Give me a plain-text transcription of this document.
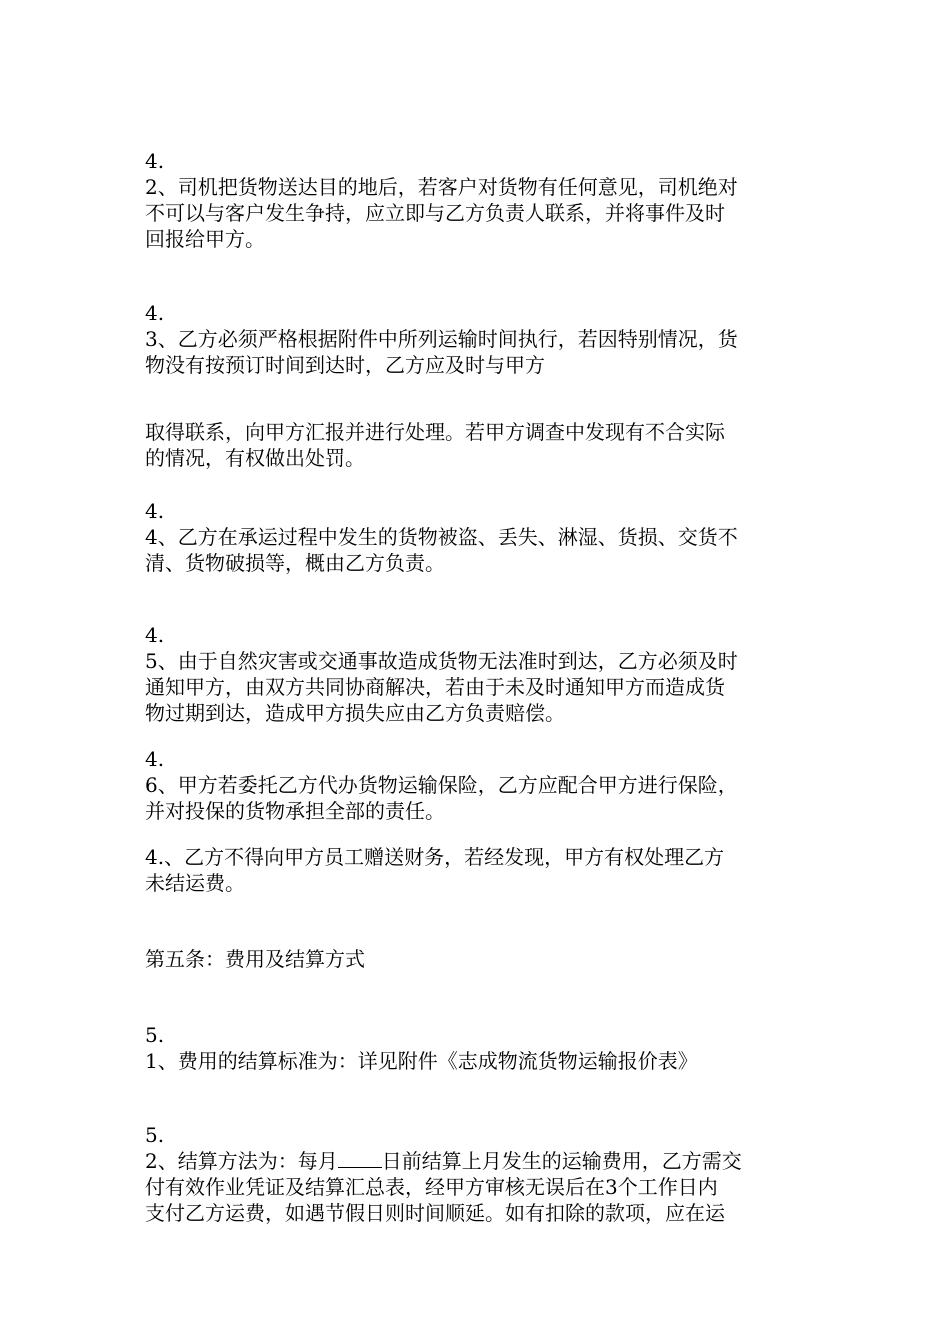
4.
2、司机把货物送达目的地后，若客户对货物有任何意见，司机绝对
不可以与客户发生争持，应立即与乙方负责人联系，并将事件及时
回报给甲方。
4.
3、乙方必须严格根据附件中所列运输时间执行，若因特别情况，货
物没有按预订时间到达时，乙方应及时与甲方
取得联系，向甲方汇报并进行处理。若甲方调查中发现有不合实际
的情况，有权做出处罚。
4.
4、乙方在承运过程中发生的货物被盗、丢失、淋湿、货损、交货不
清、货物破损等，概由乙方负责。
4.
5、由于自然灾害或交通事故造成货物无法准时到达，乙方必须及时
通知甲方，由双方共同协商解决，若由于未及时通知甲方而造成货
物过期到达，造成甲方损失应由乙方负责赔偿。
4.
6、甲方若委托乙方代办货物运输保险，乙方应配合甲方进行保险，
并对投保的货物承担全部的责任。
4.、乙方不得向甲方员工赠送财务，若经发现，甲方有权处理乙方
未结运费。
第五条：费用及结算方式
5.
1、费用的结算标准为：详见附件《志成物流货物运输报价表》
5.
2、结算方法为：每月 日前结算上月发生的运输费用，乙方需交
付有效作业凭证及结算汇总表，经甲方审核无误后在3个工作日内
支付乙方运费，如遇节假日则时间顺延。如有扣除的款项，应在运
